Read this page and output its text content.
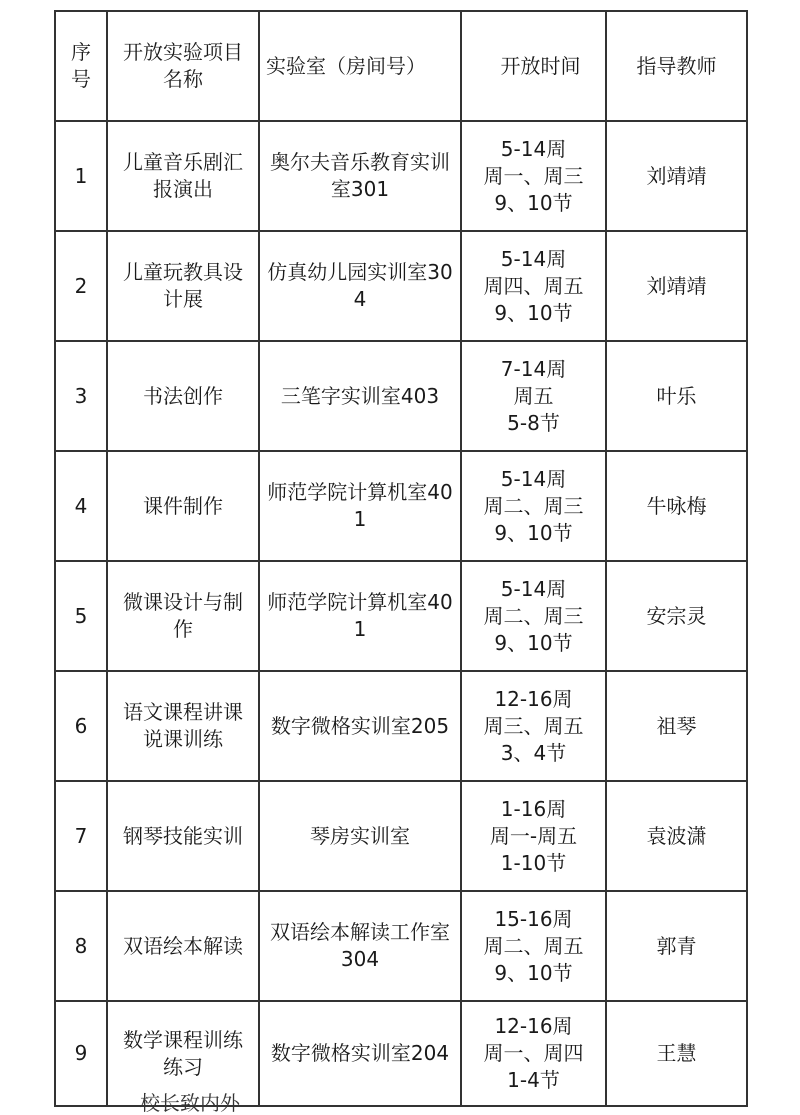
序号	开放实验项目名称	实验室（房间号）	开放时间	指导教师
1	儿童音乐剧汇报演出	奥尔夫音乐教育实训室301	5-14周
周一、周三
9、10节	刘靖靖
2	儿童玩教具设计展	仿真幼儿园实训室304	5-14周
周四、周五
9、10节	刘靖靖
3	书法创作	三笔字实训室403	7-14周
周五
5-8节	叶乐
4	课件制作	师范学院计算机室401	5-14周
周二、周三
9、10节	牛咏梅
5	微课设计与制作	师范学院计算机室401	5-14周
周二、周三
9、10节	安宗灵
6	语文课程讲课说课训练	数字微格实训室205	12-16周
周三、周五
3、4节	祖琴
7	钢琴技能实训	琴房实训室	1-16周
周一-周五
1-10节	袁波潇
8	双语绘本解读	双语绘本解读工作室304	15-16周
周二、周五
9、10节	郭青
9	数学课程训练练习	数字微格实训室204	12-16周
周一、周四
1-4节	王慧
校长致内外
